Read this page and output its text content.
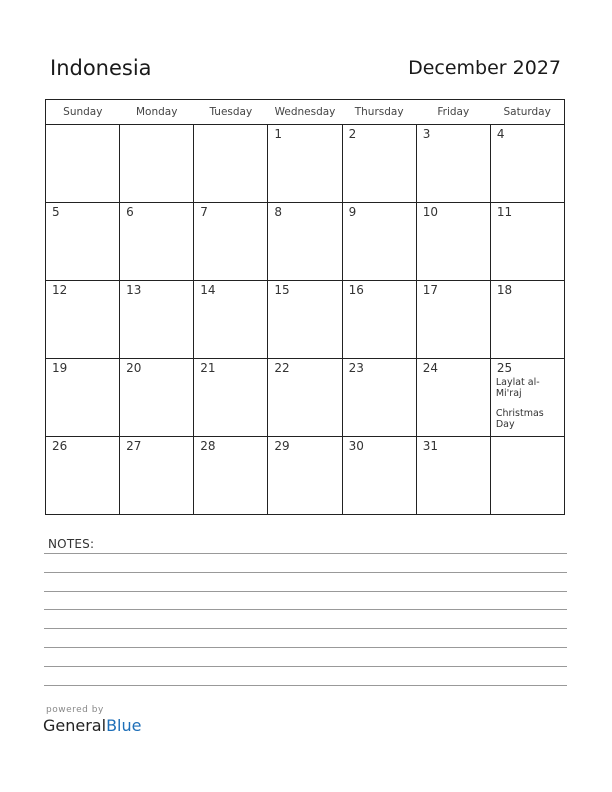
Indonesia	December 2027
Sunday	Monday	Tuesday	Wednesday	Thursday	Friday	Saturday

			1	2	3	4

5	6	7	8	9	10	11

12	13	14	15	16	17	18

19	20	21	22	23	24	25
Laylat al-Mi'raj
Christmas Day

26	27	28	29	30	31	

NOTES:
powered by
GeneralBlue
